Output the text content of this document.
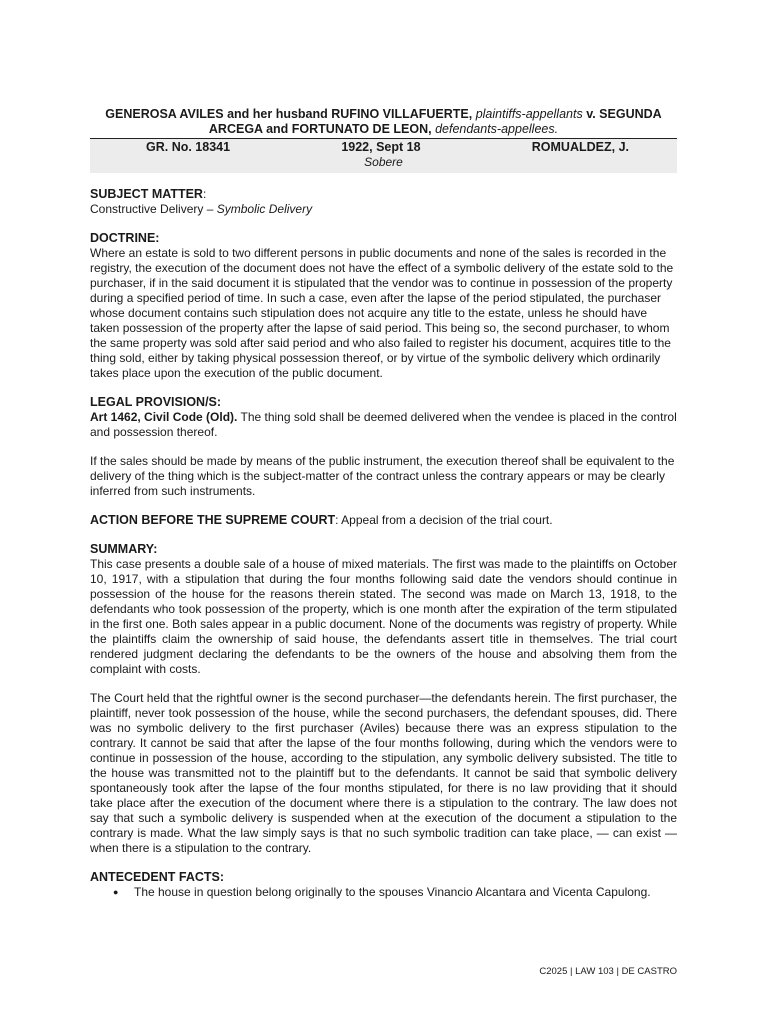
GENEROSA AVILES and her husband RUFINO VILLAFUERTE, plaintiffs-appellants v. SEGUNDA ARCEGA and FORTUNATO DE LEON, defendants-appellees.
GR. No. 18341	1922, Sept 18	ROMUALDEZ, J.
Sobere
SUBJECT MATTER:

Constructive Delivery – Symbolic Delivery

DOCTRINE:

Where an estate is sold to two different persons in public documents and none of the sales is recorded in the registry, the execution of the document does not have the effect of a symbolic delivery of the estate sold to the purchaser, if in the said document it is stipulated that the vendor was to continue in possession of the property during a specified period of time. In such a case, even after the lapse of the period stipulated, the purchaser whose document contains such stipulation does not acquire any title to the estate, unless he should have taken possession of the property after the lapse of said period. This being so, the second purchaser, to whom the same property was sold after said period and who also failed to register his document, acquires title to the thing sold, either by taking physical possession thereof, or by virtue of the symbolic delivery which ordinarily takes place upon the execution of the public document.

LEGAL PROVISION/S:

Art 1462, Civil Code (Old). The thing sold shall be deemed delivered when the vendee is placed in the control and possession thereof.

If the sales should be made by means of the public instrument, the execution thereof shall be equivalent to the delivery of the thing which is the subject-matter of the contract unless the contrary appears or may be clearly inferred from such instruments.

ACTION BEFORE THE SUPREME COURT: Appeal from a decision of the trial court.

SUMMARY:

This case presents a double sale of a house of mixed materials. The first was made to the plaintiffs on October 10, 1917, with a stipulation that during the four months following said date the vendors should continue in possession of the house for the reasons therein stated. The second was made on March 13, 1918, to the defendants who took possession of the property, which is one month after the expiration of the term stipulated in the first one. Both sales appear in a public document. None of the documents was registry of property. While the plaintiffs claim the ownership of said house, the defendants assert title in themselves. The trial court rendered judgment declaring the defendants to be the owners of the house and absolving them from the complaint with costs.

The Court held that the rightful owner is the second purchaser—the defendants herein. The first purchaser, the plaintiff, never took possession of the house, while the second purchasers, the defendant spouses, did. There was no symbolic delivery to the first purchaser (Aviles) because there was an express stipulation to the contrary. It cannot be said that after the lapse of the four months following, during which the vendors were to continue in possession of the house, according to the stipulation, any symbolic delivery subsisted. The title to the house was transmitted not to the plaintiff but to the defendants. It cannot be said that symbolic delivery spontaneously took after the lapse of the four months stipulated, for there is no law providing that it should take place after the execution of the document where there is a stipulation to the contrary. The law does not say that such a symbolic delivery is suspended when at the execution of the document a stipulation to the contrary is made. What the law simply says is that no such symbolic tradition can take place, — can exist — when there is a stipulation to the contrary.

ANTECEDENT FACTS:
● The house in question belong originally to the spouses Vinancio Alcantara and Vicenta Capulong.
C2025 | LAW 103 | DE CASTRO
